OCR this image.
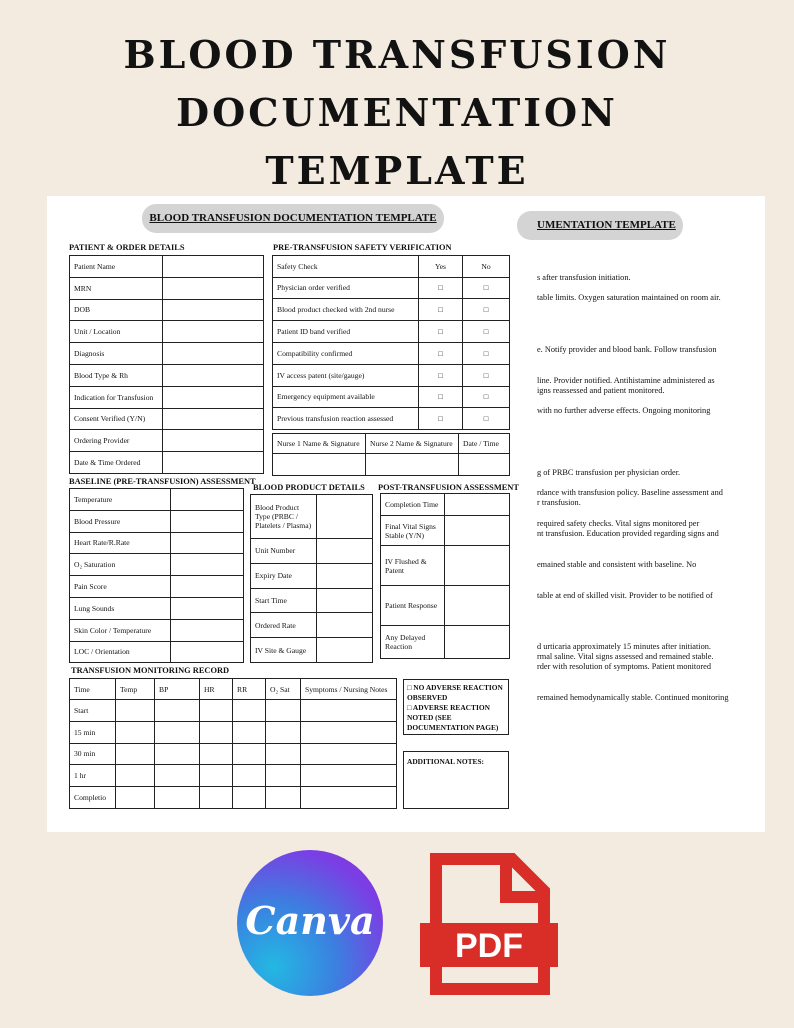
BLOOD TRANSFUSION
DOCUMENTATION
TEMPLATE
UMENTATION TEMPLATE
s after transfusion initiation.
table limits. Oxygen saturation maintained on room air.
e. Notify provider and blood bank. Follow transfusion
line. Provider notified. Antihistamine administered as
igns reassessed and patient monitored.
with no further adverse effects. Ongoing monitoring
g of PRBC transfusion per physician order.
rdance with transfusion policy. Baseline assessment and
r transfusion.
required safety checks. Vital signs monitored per
nt transfusion. Education provided regarding signs and
emained stable and consistent with baseline. No
table at end of skilled visit. Provider to be notified of
d urticaria approximately 15 minutes after initiation.
rmal saline. Vital signs assessed and remained stable.
rder with resolution of symptoms. Patient monitored
remained hemodynamically stable. Continued monitoring
BLOOD TRANSFUSION DOCUMENTATION TEMPLATE
PATIENT & ORDER DETAILS
Patient Name	
MRN	
DOB	
Unit / Location	
Diagnosis	
Blood Type & Rh	
Indication for Transfusion	
Consent Verified (Y/N)	
Ordering Provider	
Date & Time Ordered	
PRE-TRANSFUSION SAFETY VERIFICATION
Safety Check	Yes	No
Physician order verified	□	□
Blood product checked with 2nd nurse	□	□
Patient ID band verified	□	□
Compatibility confirmed	□	□
IV access patent (site/gauge)	□	□
Emergency equipment available	□	□
Previous transfusion reaction assessed	□	□
Nurse 1 Name & Signature	Nurse 2 Name & Signature	Date / Time

BASELINE (PRE-TRANSFUSION) ASSESSMENT
Temperature	
Blood Pressure	
Heart Rate/R.Rate	
O₂ Saturation	
Pain Score	
Lung Sounds	
Skin Color / Temperature	
LOC / Orientation	
BLOOD PRODUCT DETAILS
Blood Product Type (PRBC / Platelets / Plasma)	
Unit Number	
Expiry Date	
Start Time	
Ordered Rate	
IV Site & Gauge	
POST-TRANSFUSION ASSESSMENT
Completion Time	
Final Vital Signs Stable (Y/N)	
IV Flushed & Patent	
Patient Response	
Any Delayed Reaction	
TRANSFUSION MONITORING RECORD
Time	Temp	BP	HR	RR	O₂ Sat	Symptoms / Nursing Notes
Start						
15 min						
30 min						
1 hr						
Completio						
□ NO ADVERSE REACTION OBSERVED
□ ADVERSE REACTION NOTED (SEE DOCUMENTATION PAGE)
ADDITIONAL NOTES:
Canva
PDF
